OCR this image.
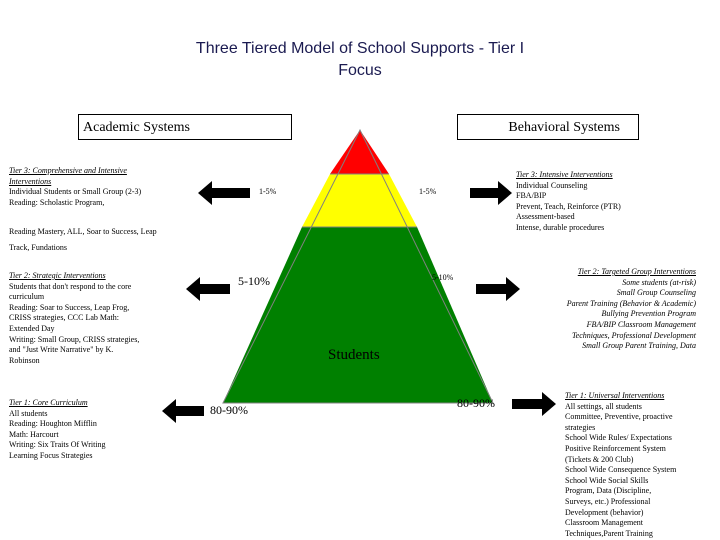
Three Tiered Model of School Supports - Tier I
Focus
Academic Systems	Behavioral Systems
Students
1-5%	1-5%
5-10%	5-10%
80-90%	80-90%
Tier 3: Comprehensive and Intensive
Interventions
Individual Students or Small Group (2-3)
Reading: Scholastic Program,
Reading Mastery, ALL, Soar to Success, Leap
Track, Fundations
Tier 2: Strategic Interventions
Students that don't respond to the core
curriculum
Reading: Soar to Success, Leap Frog,
CRISS strategies, CCC Lab Math:
Extended Day
Writing: Small Group, CRISS strategies,
and "Just Write Narrative" by K.
Robinson
Tier 1: Core Curriculum
All students
Reading: Houghton Mifflin
Math: Harcourt
Writing: Six Traits Of Writing
Learning Focus Strategies
Tier 3: Intensive Interventions
Individual Counseling
FBA/BIP
Prevent, Teach, Reinforce (PTR)
Assessment-based
Intense, durable procedures
Tier 2: Targeted Group Interventions
Some students (at-risk)
Small Group Counseling
Parent Training (Behavior & Academic)
Bullying Prevention Program
FBA/BIP Classroom Management
Techniques, Professional Development
Small Group Parent Training, Data
Tier 1: Universal Interventions
All settings, all students
Committee, Preventive, proactive
strategies
School Wide Rules/ Expectations
Positive Reinforcement System
(Tickets & 200 Club)
School Wide Consequence System
School Wide Social Skills
Program, Data (Discipline,
Surveys, etc.) Professional
Development (behavior)
Classroom Management
Techniques,Parent Training
